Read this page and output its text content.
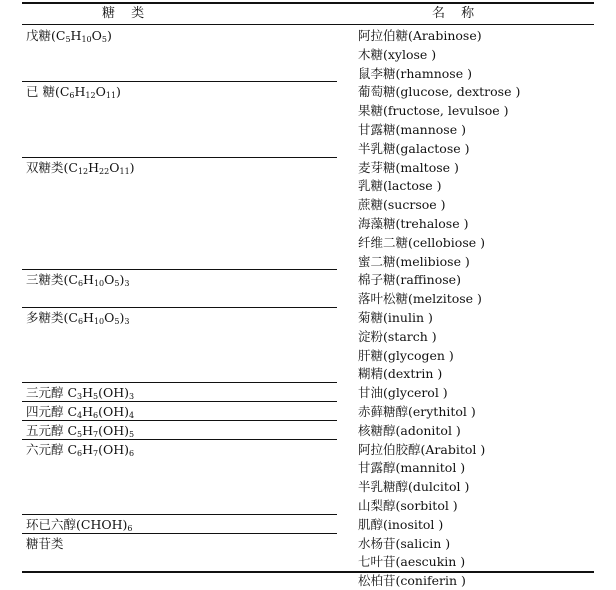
糖 类	名 称
戊糖$(C_5H_{10}O_5)$	阿拉伯糖(Arabinose)
木糖(xylose )
鼠李糖(rhamnose )
已 糖$(C_6H_{12}O_{11})$	葡萄糖(glucose, dextrose )
果糖(fructose, levulsoe )
甘露糖(mannose )
半乳糖(galactose )
双糖类$(C_{12}H_{22}O_{11})$	麦芽糖(maltose )
乳糖(lactose )
蔗糖(sucrsoe )
海藻糖(trehalose )
纤维二糖(cellobiose )
蜜二糖(melibiose )
三糖类$(C_6H_{10}O_5)_3$	棉子糖(raffinose)
落叶松糖(melzitose )
多糖类$(C_6H_{10}O_5)_3$	菊糖(inulin )
淀粉(starch )
肝糖(glycogen )
糊精(dextrin )
三元醇 $C_3H_5(OH)_3$	甘油(glycerol )
四元醇 $C_4H_6(OH)_4$	赤藓糖醇(erythitol )
五元醇 $C_5H_7(OH)_5$	核糖醇(adonitol )
六元醇 $C_6H_7(OH)_6$	阿拉伯胶醇(Arabitol )
甘露醇(mannitol )
半乳糖醇(dulcitol )
山梨醇(sorbitol )
环已六醇$(CHOH)_6$	肌醇(inositol )
糖苷类	水杨苷(salicin )
七叶苷(aescukin )
松柏苷(coniferin )
